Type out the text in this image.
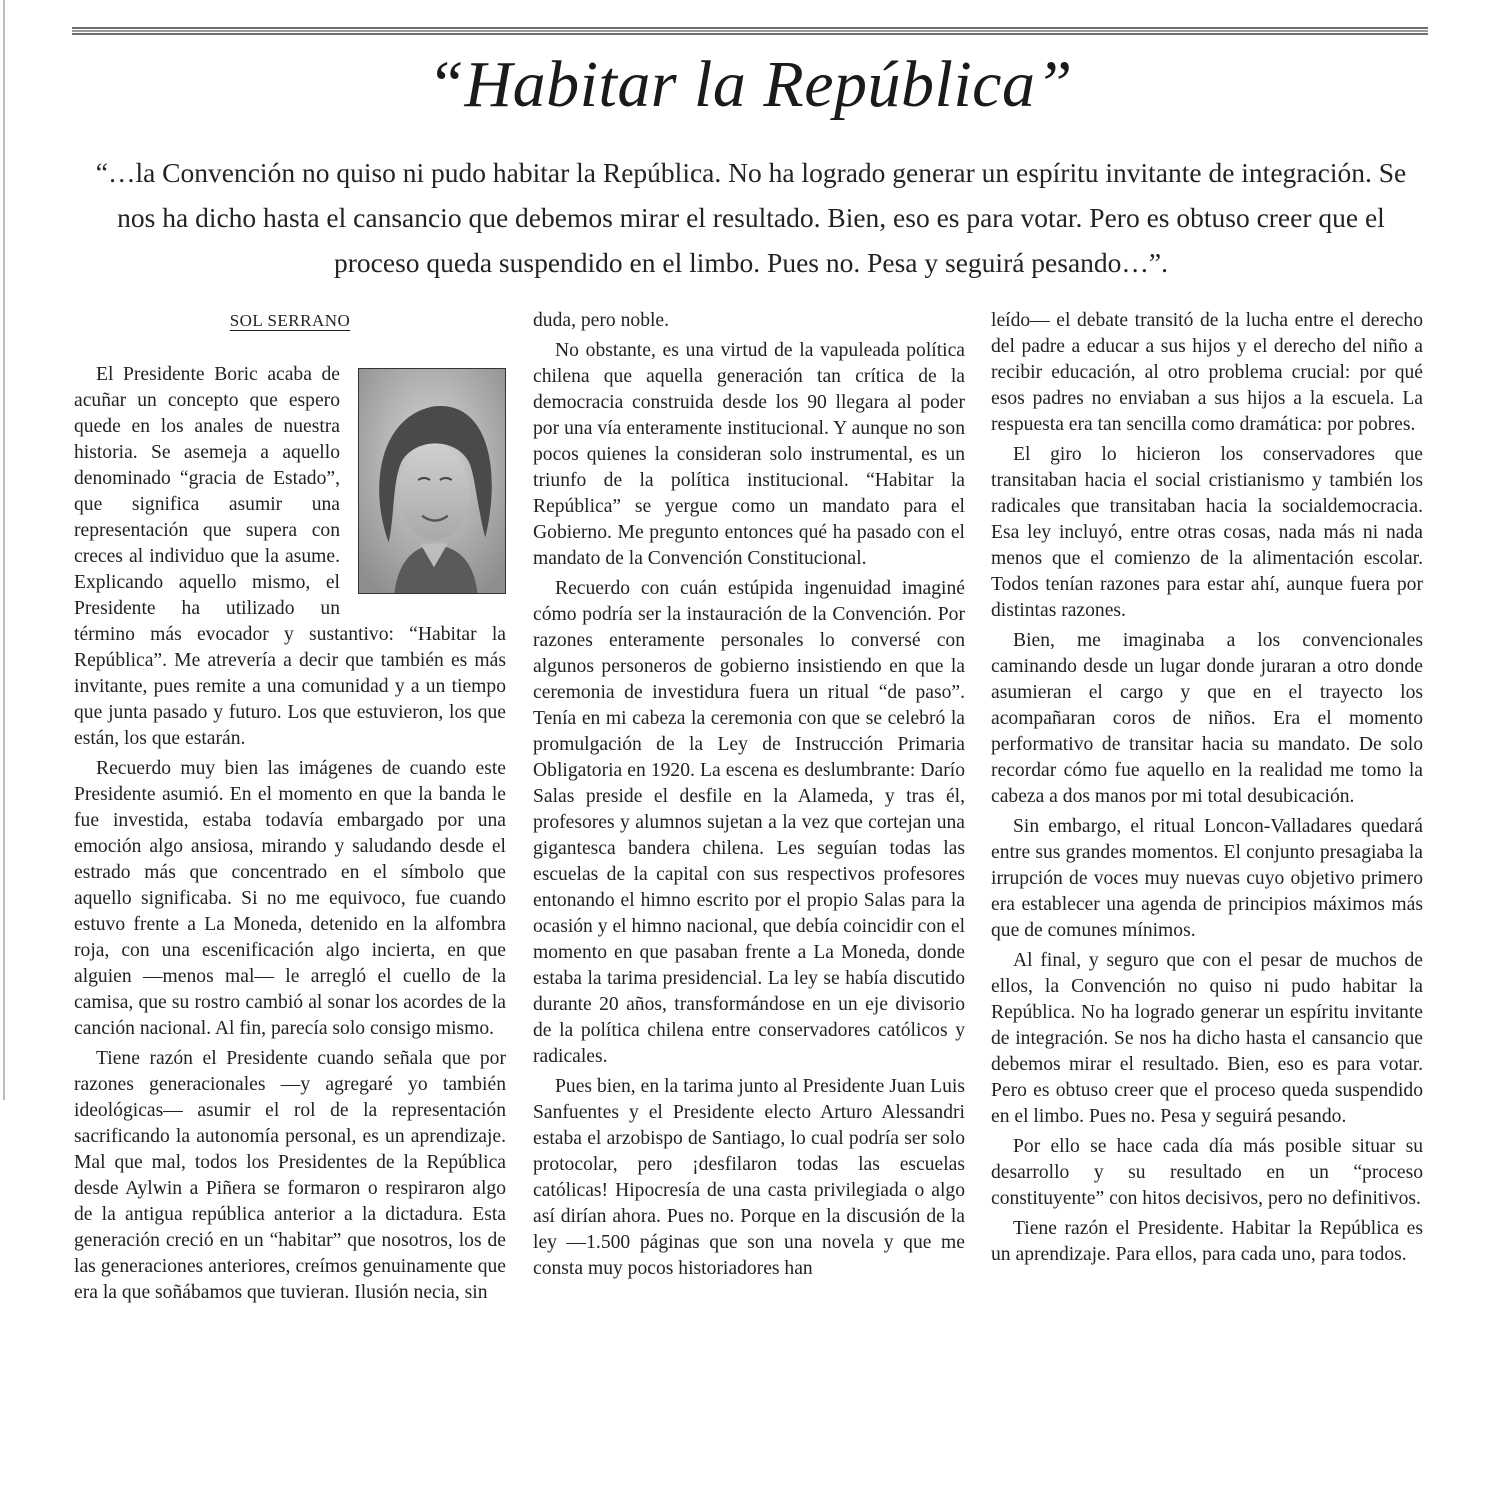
“Habitar la República”

“…la Convención no quiso ni pudo habitar la República. No ha logrado generar un espíritu invitante de integración. Se nos ha dicho hasta el cansancio que debemos mirar el resultado. Bien, eso es para votar. Pero es obtuso creer que el proceso queda suspendido en el limbo. Pues no. Pesa y seguirá pesando…”.

SOL SERRANO

El Presidente Boric acaba de acuñar un concepto que espero quede en los anales de nuestra historia. Se asemeja a aquello denominado “gracia de Estado”, que significa asumir una representación que supera con creces al individuo que la asume. Explicando aquello mismo, el Presidente ha utilizado un término más evocador y sustantivo: “Habitar la República”. Me atrevería a decir que también es más invitante, pues remite a una comunidad y a un tiempo que junta pasado y futuro. Los que estuvieron, los que están, los que estarán.

Recuerdo muy bien las imágenes de cuando este Presidente asumió. En el momento en que la banda le fue investida, estaba todavía embargado por una emoción algo ansiosa, mirando y saludando desde el estrado más que concentrado en el símbolo que aquello significaba. Si no me equivoco, fue cuando estuvo frente a La Moneda, detenido en la alfombra roja, con una escenificación algo incierta, en que alguien —menos mal— le arregló el cuello de la camisa, que su rostro cambió al sonar los acordes de la canción nacional. Al fin, parecía solo consigo mismo.

Tiene razón el Presidente cuando señala que por razones generacionales —y agregaré yo también ideológicas— asumir el rol de la representación sacrificando la autonomía personal, es un aprendizaje. Mal que mal, todos los Presidentes de la República desde Aylwin a Piñera se formaron o respiraron algo de la antigua república anterior a la dictadura. Esta generación creció en un “habitar” que nosotros, los de las generaciones anteriores, creímos genuinamente que era la que soñábamos que tuvieran. Ilusión necia, sin

duda, pero noble.

No obstante, es una virtud de la vapuleada política chilena que aquella generación tan crítica de la democracia construida desde los 90 llegara al poder por una vía enteramente institucional. Y aunque no son pocos quienes la consideran solo instrumental, es un triunfo de la política institucional. “Habitar la República” se yergue como un mandato para el Gobierno. Me pregunto entonces qué ha pasado con el mandato de la Convención Constitucional.

Recuerdo con cuán estúpida ingenuidad imaginé cómo podría ser la instauración de la Convención. Por razones enteramente personales lo conversé con algunos personeros de gobierno insistiendo en que la ceremonia de investidura fuera un ritual “de paso”. Tenía en mi cabeza la ceremonia con que se celebró la promulgación de la Ley de Instrucción Primaria Obligatoria en 1920. La escena es deslumbrante: Darío Salas preside el desfile en la Alameda, y tras él, profesores y alumnos sujetan a la vez que cortejan una gigantesca bandera chilena. Les seguían todas las escuelas de la capital con sus respectivos profesores entonando el himno escrito por el propio Salas para la ocasión y el himno nacional, que debía coincidir con el momento en que pasaban frente a La Moneda, donde estaba la tarima presidencial. La ley se había discutido durante 20 años, transformándose en un eje divisorio de la política chilena entre conservadores católicos y radicales.

Pues bien, en la tarima junto al Presidente Juan Luis Sanfuentes y el Presidente electo Arturo Alessandri estaba el arzobispo de Santiago, lo cual podría ser solo protocolar, pero ¡desfilaron todas las escuelas católicas! Hipocresía de una casta privilegiada o algo así dirían ahora. Pues no. Porque en la discusión de la ley —1.500 páginas que son una novela y que me consta muy pocos historiadores han

leído— el debate transitó de la lucha entre el derecho del padre a educar a sus hijos y el derecho del niño a recibir educación, al otro problema crucial: por qué esos padres no enviaban a sus hijos a la escuela. La respuesta era tan sencilla como dramática: por pobres.

El giro lo hicieron los conservadores que transitaban hacia el social cristianismo y también los radicales que transitaban hacia la socialdemocracia. Esa ley incluyó, entre otras cosas, nada más ni nada menos que el comienzo de la alimentación escolar. Todos tenían razones para estar ahí, aunque fuera por distintas razones.

Bien, me imaginaba a los convencionales caminando desde un lugar donde juraran a otro donde asumieran el cargo y que en el trayecto los acompañaran coros de niños. Era el momento performativo de transitar hacia su mandato. De solo recordar cómo fue aquello en la realidad me tomo la cabeza a dos manos por mi total desubicación.

Sin embargo, el ritual Loncon-Valladares quedará entre sus grandes momentos. El conjunto presagiaba la irrupción de voces muy nuevas cuyo objetivo primero era establecer una agenda de principios máximos más que de comunes mínimos.

Al final, y seguro que con el pesar de muchos de ellos, la Convención no quiso ni pudo habitar la República. No ha logrado generar un espíritu invitante de integración. Se nos ha dicho hasta el cansancio que debemos mirar el resultado. Bien, eso es para votar. Pero es obtuso creer que el proceso queda suspendido en el limbo. Pues no. Pesa y seguirá pesando.

Por ello se hace cada día más posible situar su desarrollo y su resultado en un “proceso constituyente” con hitos decisivos, pero no definitivos.

Tiene razón el Presidente. Habitar la República es un aprendizaje. Para ellos, para cada uno, para todos.
